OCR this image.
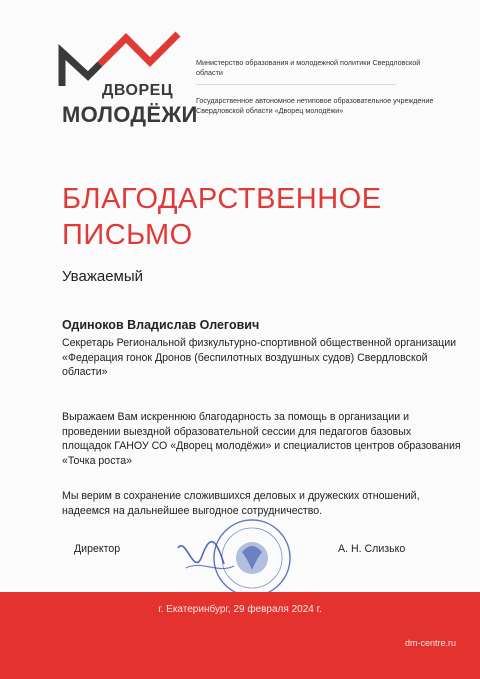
ДВОРЕЦ
МОЛОДЁЖИ
Министерство образования и молодежной политики Свердловской области
Государственное автономное нетиповое образовательное учреждение Свердловской области «Дворец молодёжи»
БЛАГОДАРСТВЕННОЕ
ПИСЬМО
Уважаемый
Одиноков Владислав Олегович
Секретарь Региональной физкультурно-спортивной общественной организации «Федерация гонок Дронов (беспилотных воздушных судов) Свердловской области»
Выражаем Вам искреннюю благодарность за помощь в организации и проведении выездной образовательной сессии для педагогов базовых площадок ГАНОУ СО «Дворец молодёжи» и специалистов центров образования «Точка роста»
Мы верим в сохранение сложившихся деловых и дружеских отношений, надеемся на дальнейшее выгодное сотрудничество.
Директор	А. Н. Слизько
г. Екатеринбург, 29 февраля 2024 г.
dm-centre.ru
